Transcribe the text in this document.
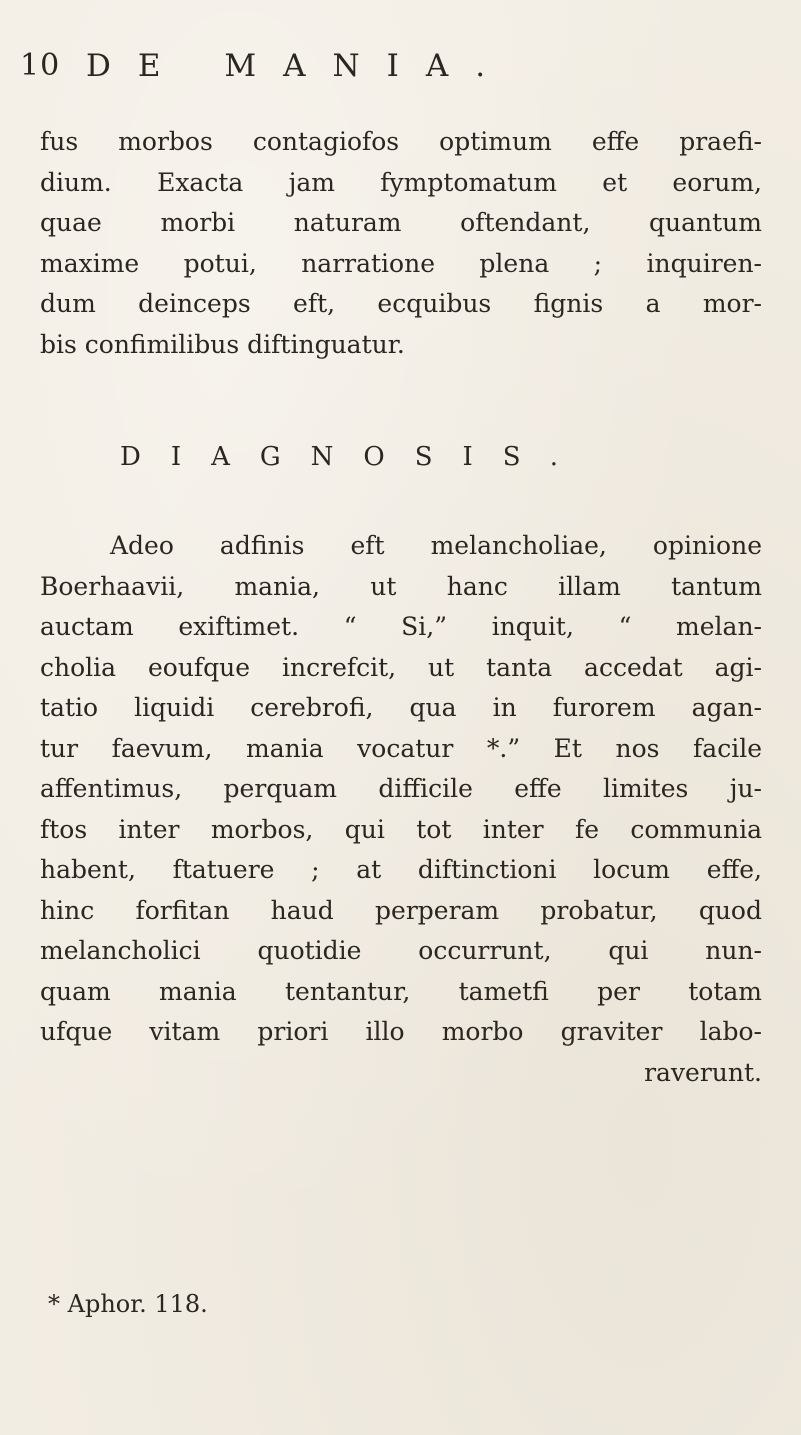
10 DE MANIA.
fus morbos contagiofos optimum effe praefi-
dium. Exacta jam fymptomatum et eorum,
quae morbi naturam oftendant, quantum
maxime potui, narratione plena ; inquiren-
dum deinceps eft, ecquibus fignis a mor-
bis confimilibus diftinguatur.
DIAGNOSIS.
Adeo adfinis eft melancholiae, opinione
Boerhaavii, mania, ut hanc illam tantum
auctam exiftimet. “ Si,” inquit, “ melan-
cholia eoufque increfcit, ut tanta accedat agi-
tatio liquidi cerebrofi, qua in furorem agan-
tur faevum, mania vocatur *.” Et nos facile
affentimus, perquam difficile effe limites ju-
ftos inter morbos, qui tot inter fe communia
habent, ftatuere ; at diftinctioni locum effe,
hinc forfitan haud perperam probatur, quod
melancholici quotidie occurrunt, qui nun-
quam mania tentantur, tametfi per totam
ufque vitam priori illo morbo graviter labo-
raverunt.
* Aphor. 118.
